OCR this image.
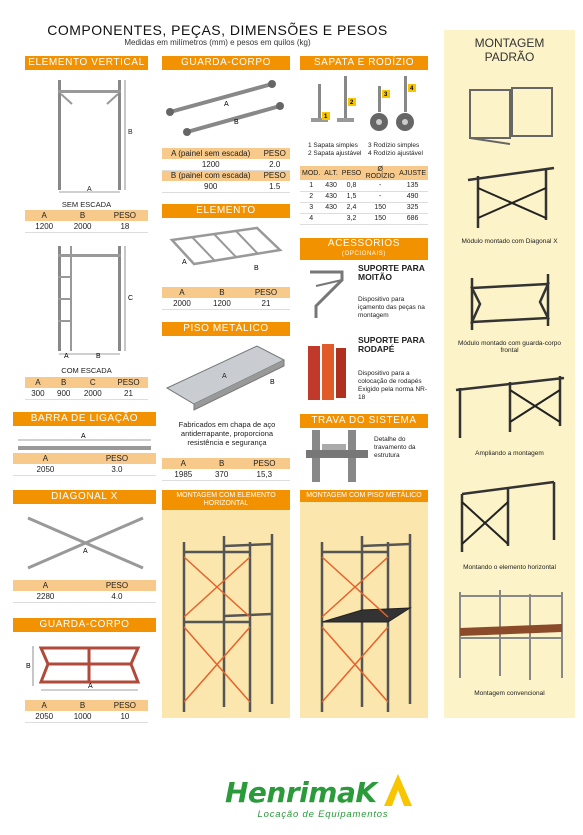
COMPONENTES, PEÇAS, DIMENSÕES E PESOS
Medidas em milímetros (mm) e pesos em quilos (kg)
ELEMENTO VERTICAL
A
B
SEM ESCADA
A	B	PESO
1200	2000	18
A	B
C
COM ESCADA
A	B	C	PESO
300	900	2000	21
BARRA DE LIGAÇÃO
A
A	PESO
2050	3.0
DIAGONAL X
A
A	PESO
2280	4.0
GUARDA-CORPO FRONTAL
B
A
A	B	PESO
2050	1000	10
GUARDA-CORPO LATERAL
A
B
A (painel sem escada)	PESO
1200	2.0
B (painel com escada)	PESO
900	1.5
ELEMENTO HORIZONTAL
A
B
A	B	PESO
2000	1200	21
PISO METÁLICO
A
B
Fabricados em chapa de aço antiderrapante, proporciona resistência e segurança
A	B	PESO
1985	370	15,3
MONTAGEM COM ELEMENTO HORIZONTAL
SAPATA E RODÍZIO
1
2
3
4
1 Sapata simples
2 Sapata ajustável
3 Rodízio simples
4 Rodízio ajustável
MOD.	ALT.	PESO	Ø RODÍZIO	AJUSTE
1	430	0,8	-	135
2	430	1,5	-	490
3	430	2,4	150	325
4		3,2	150	686
ACESSÓRIOS
(OPCIONAIS)
SUPORTE PARA MOITÃO
Dispositivo para içamento das peças na montagem
SUPORTE PARA RODAPÉ
Dispositivo para a colocação de rodapés Exigido pela norma NR-18
TRAVA DO SISTEMA
Detalhe do travamento da estrutura
MONTAGEM COM PISO METÁLICO
MONTAGEM PADRÃO
Módulo montado com Diagonal X
Módulo montado com guarda-corpo frontal
Ampliando a montagem
Montando o elemento horizontal
Montagem convencional
HenrimaK
Locação de Equipamentos
